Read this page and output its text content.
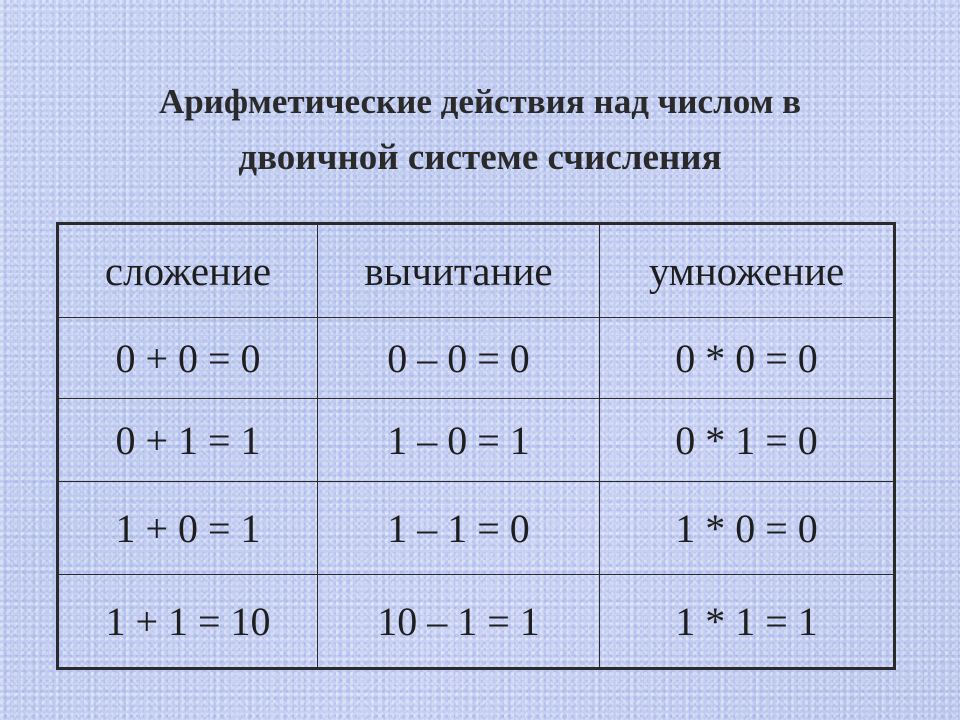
Арифметические действия над числом в
двоичной системе счисления
сложение	вычитание	умножение
0 + 0 = 0	0 – 0 = 0	0 * 0 = 0
0 + 1 = 1	1 – 0 = 1	0 * 1 = 0
1 + 0 = 1	1 – 1 = 0	1 * 0 = 0
1 + 1 = 10	10 – 1 = 1	1 * 1 = 1
